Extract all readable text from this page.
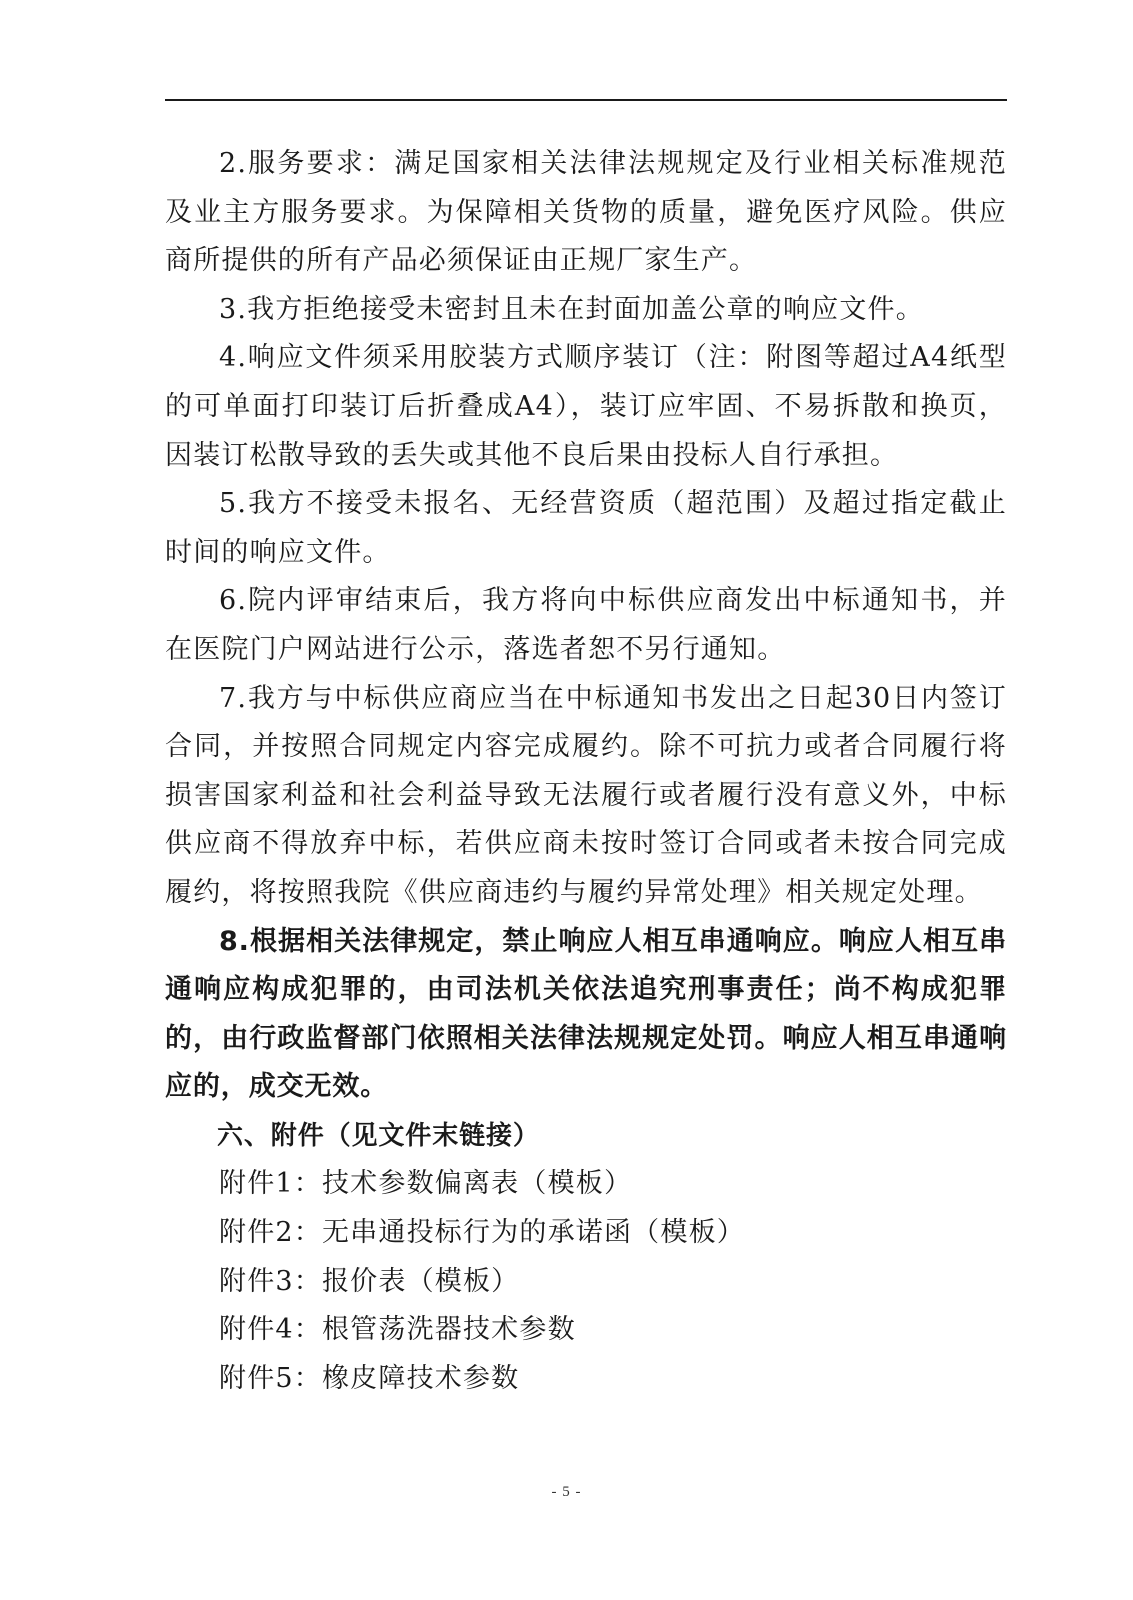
2.服务要求：满足国家相关法律法规规定及行业相关标准规范及业主方服务要求。为保障相关货物的质量，避免医疗风险。供应商所提供的所有产品必须保证由正规厂家生产。

3.我方拒绝接受未密封且未在封面加盖公章的响应文件。

4.响应文件须采用胶装方式顺序装订（注：附图等超过A4纸型的可单面打印装订后折叠成A4），装订应牢固、不易拆散和换页，因装订松散导致的丢失或其他不良后果由投标人自行承担。

5.我方不接受未报名、无经营资质（超范围）及超过指定截止时间的响应文件。

6.院内评审结束后，我方将向中标供应商发出中标通知书，并在医院门户网站进行公示，落选者恕不另行通知。

7.我方与中标供应商应当在中标通知书发出之日起30日内签订合同，并按照合同规定内容完成履约。除不可抗力或者合同履行将损害国家利益和社会利益导致无法履行或者履行没有意义外，中标供应商不得放弃中标，若供应商未按时签订合同或者未按合同完成履约，将按照我院《供应商违约与履约异常处理》相关规定处理。

8.根据相关法律规定，禁止响应人相互串通响应。响应人相互串通响应构成犯罪的，由司法机关依法追究刑事责任；尚不构成犯罪的，由行政监督部门依照相关法律法规规定处罚。响应人相互串通响应的，成交无效。

六、附件（见文件末链接）

附件1：技术参数偏离表（模板）
附件2：无串通投标行为的承诺函（模板）
附件3：报价表（模板）
附件4：根管荡洗器技术参数
附件5：橡皮障技术参数
- 5 -
